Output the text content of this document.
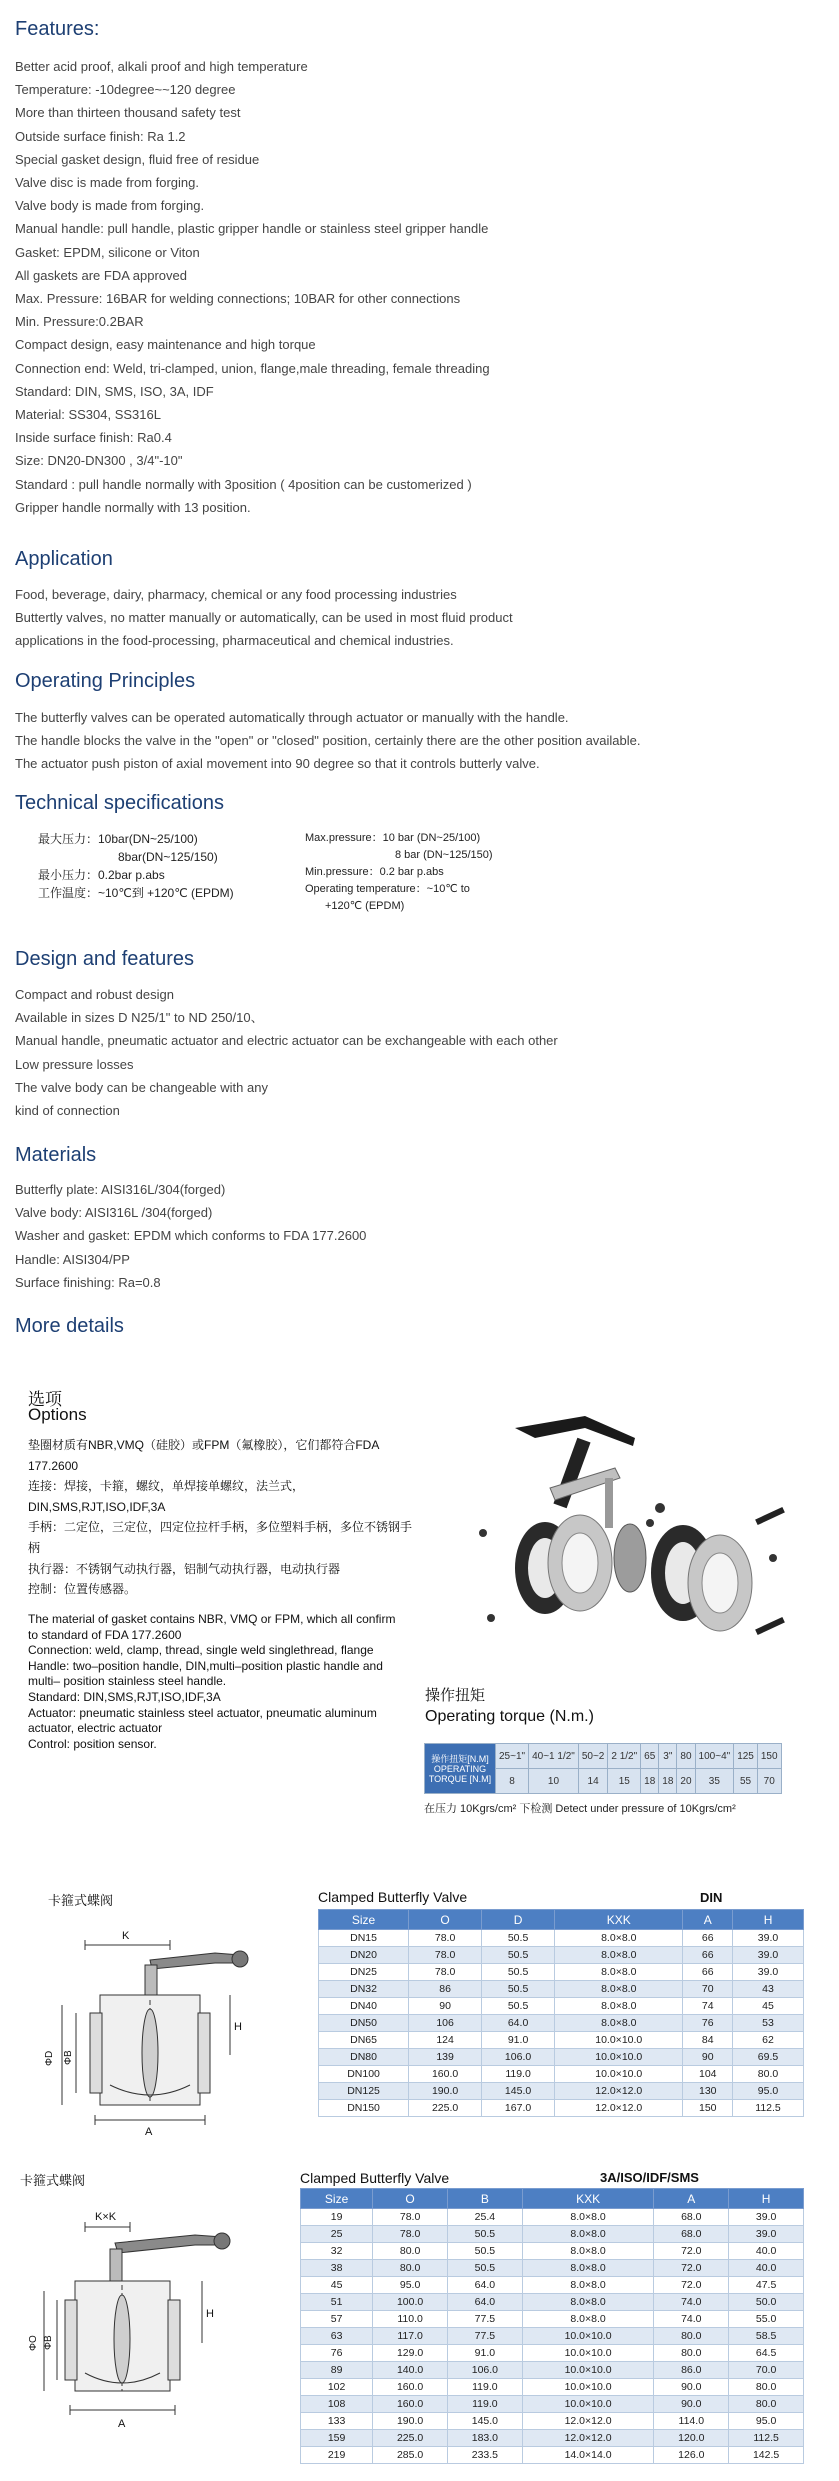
Features:
Better acid proof, alkali proof and high temperature
Temperature: -10degree~~120 degree
More than thirteen thousand safety test
Outside surface finish: Ra 1.2
Special gasket design, fluid free of residue
Valve disc is made from forging.
Valve body is made from forging.
Manual handle: pull handle, plastic gripper handle or stainless steel gripper handle
Gasket: EPDM, silicone or Viton
All gaskets are FDA approved
Max. Pressure: 16BAR for welding connections; 10BAR for other connections
Min. Pressure:0.2BAR
Compact design, easy maintenance and high torque
Connection end: Weld, tri-clamped, union, flange,male threading, female threading
Standard: DIN, SMS, ISO, 3A, IDF
Material: SS304, SS316L
Inside surface finish: Ra0.4
Size: DN20-DN300 , 3/4"-10"
Standard : pull handle normally with 3position ( 4position can be customerized )
Gripper handle normally with 13 position.
Application
Food, beverage, dairy, pharmacy, chemical or any food processing industries
Buttertly valves, no matter manually or automatically, can be used in most fluid product
applications in the food-processing, pharmaceutical and chemical industries.
Operating Principles
The butterfly valves can be operated automatically through actuator or manually with the handle.
The handle blocks the valve in the "open" or "closed" position, certainly there are the other position available.
The actuator push piston of axial movement into 90 degree so that it controls butterly valve.
Technical specifications
最大压力：10bar(DN~25/100)
8bar(DN~125/150)
最小压力：0.2bar p.abs
工作温度：~10℃到 +120℃ (EPDM)
Max.pressure：10 bar (DN~25/100)
8 bar (DN~125/150)
Min.pressure：0.2 bar p.abs
Operating temperature：~10℃ to
+120℃ (EPDM)
Design and features
Compact and robust design
Available in sizes D N25/1" to ND 250/10、
Manual handle, pneumatic actuator and electric actuator can be exchangeable with each other
Low pressure losses
The valve body can be changeable with any
kind of connection
Materials
Butterfly plate: AISI316L/304(forged)
Valve body: AISI316L /304(forged)
Washer and gasket: EPDM which conforms to FDA 177.2600
Handle: AISI304/PP
Surface finishing: Ra=0.8
More details
选项
Options
垫圈材质有NBR,VMQ（硅胶）或FPM（氟橡胶），它们都符合FDA 177.2600
连接：焊接，卡箍，螺纹，单焊接单螺纹，法兰式，DIN,SMS,RJT,ISO,IDF,3A
手柄：二定位，三定位，四定位拉杆手柄，多位塑料手柄，多位不锈钢手柄
执行器：不锈钢气动执行器，铝制气动执行器，电动执行器
控制：位置传感器。
The material of gasket contains NBR, VMQ or FPM, which all confirm to standard of FDA 177.2600
Connection: weld, clamp, thread, single weld singlethread, flange
Handle: two–position handle, DIN,multi–position plastic handle and multi– position stainless steel handle.
Standard: DIN,SMS,RJT,ISO,IDF,3A
Actuator: pneumatic stainless steel actuator, pneumatic aluminum actuator, electric actuator
Control: position sensor.
操作扭矩
Operating torque (N.m.)
操作扭矩[N.M] OPERATING TORQUE [N.M]	25~1"	40~1 1/2"	50~2	2 1/2"	65	3"	80	100~4"	125	150
	8	10	14	15	18	18	20	35	55	70
在压力 10Kgrs/cm² 下检测 Detect under pressure of 10Kgrs/cm²
卡箍式蝶阀	Clamped Butterfly Valve	DIN
K
H
A
ΦD ΦB
Size	O	D	KXK	A	H
DN15	78.0	50.5	8.0×8.0	66	39.0
DN20	78.0	50.5	8.0×8.0	66	39.0
DN25	78.0	50.5	8.0×8.0	66	39.0
DN32	86	50.5	8.0×8.0	70	43
DN40	90	50.5	8.0×8.0	74	45
DN50	106	64.0	8.0×8.0	76	53
DN65	124	91.0	10.0×10.0	84	62
DN80	139	106.0	10.0×10.0	90	69.5
DN100	160.0	119.0	10.0×10.0	104	80.0
DN125	190.0	145.0	12.0×12.0	130	95.0
DN150	225.0	167.0	12.0×12.0	150	112.5
卡箍式蝶阀	Clamped Butterfly Valve	3A/ISO/IDF/SMS
K×K
H
A
ΦO ΦB
Size	O	B	KXK	A	H
19	78.0	25.4	8.0×8.0	68.0	39.0
25	78.0	50.5	8.0×8.0	68.0	39.0
32	80.0	50.5	8.0×8.0	72.0	40.0
38	80.0	50.5	8.0×8.0	72.0	40.0
45	95.0	64.0	8.0×8.0	72.0	47.5
51	100.0	64.0	8.0×8.0	74.0	50.0
57	110.0	77.5	8.0×8.0	74.0	55.0
63	117.0	77.5	10.0×10.0	80.0	58.5
76	129.0	91.0	10.0×10.0	80.0	64.5
89	140.0	106.0	10.0×10.0	86.0	70.0
102	160.0	119.0	10.0×10.0	90.0	80.0
108	160.0	119.0	10.0×10.0	90.0	80.0
133	190.0	145.0	12.0×12.0	114.0	95.0
159	225.0	183.0	12.0×12.0	120.0	112.5
219	285.0	233.5	14.0×14.0	126.0	142.5
